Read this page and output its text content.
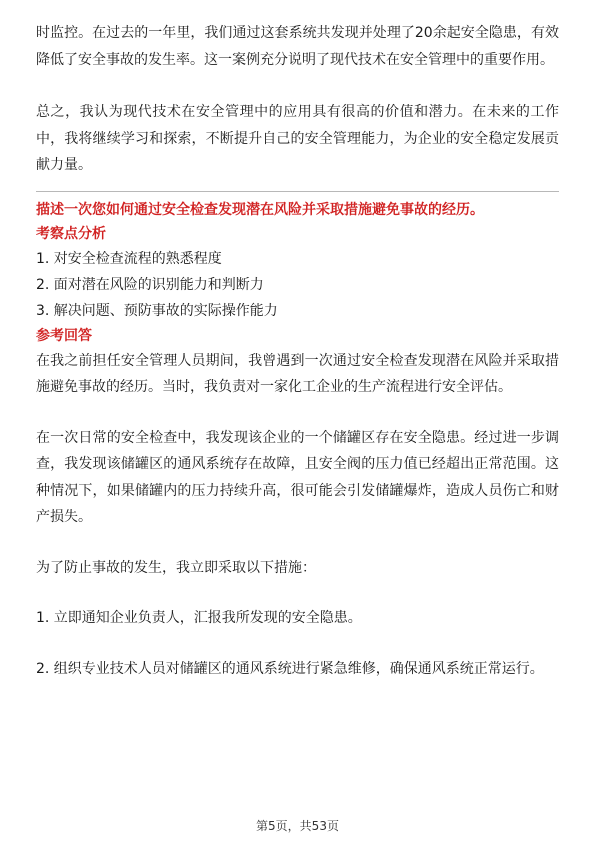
时监控。在过去的一年里，我们通过这套系统共发现并处理了20余起安全隐患，有效降低了安全事故的发生率。这一案例充分说明了现代技术在安全管理中的重要作用。

总之，我认为现代技术在安全管理中的应用具有很高的价值和潜力。在未来的工作中，我将继续学习和探索，不断提升自己的安全管理能力，为企业的安全稳定发展贡献力量。

描述一次您如何通过安全检查发现潜在风险并采取措施避免事故的经历。

考察点分析

1. 对安全检查流程的熟悉程度

2. 面对潜在风险的识别能力和判断力

3. 解决问题、预防事故的实际操作能力

参考回答

在我之前担任安全管理人员期间，我曾遇到一次通过安全检查发现潜在风险并采取措施避免事故的经历。当时，我负责对一家化工企业的生产流程进行安全评估。

在一次日常的安全检查中，我发现该企业的一个储罐区存在安全隐患。经过进一步调查，我发现该储罐区的通风系统存在故障，且安全阀的压力值已经超出正常范围。这种情况下，如果储罐内的压力持续升高，很可能会引发储罐爆炸，造成人员伤亡和财产损失。

为了防止事故的发生，我立即采取以下措施：

1. 立即通知企业负责人，汇报我所发现的安全隐患。

2. 组织专业技术人员对储罐区的通风系统进行紧急维修，确保通风系统正常运行。

第5页，共53页
